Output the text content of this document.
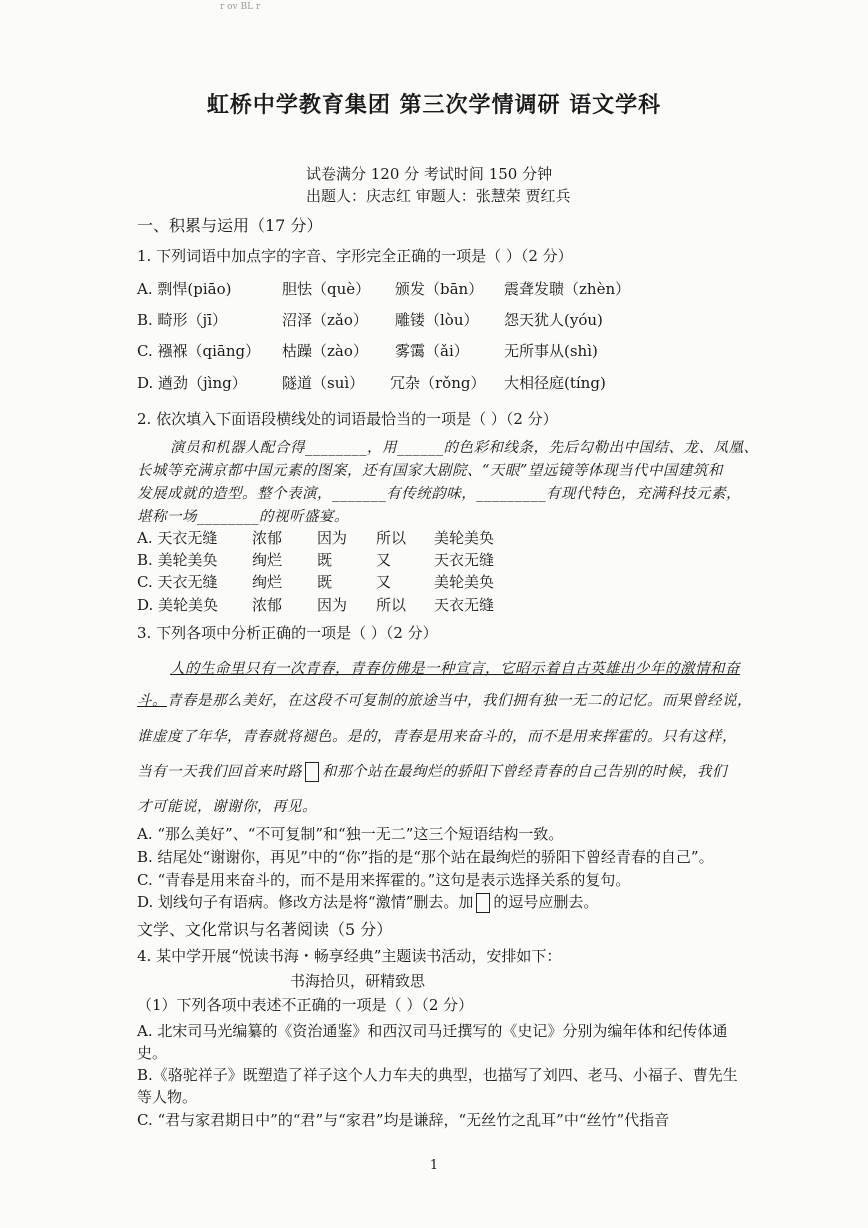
r ov BL r
虹桥中学教育集团 第三次学情调研 语文学科
试卷满分 120 分 考试时间 150 分钟
出题人：庆志红 审题人：张慧荣 贾红兵
一、积累与运用（17 分）
1. 下列词语中加点字的字音、字形完全正确的一项是（ ）（2 分）
A. 剽悍(piāo)	胆怯（què） 颁发（bān） 震聋发聩（zhèn）
B. 畸形（jī）	沼泽（zǎo） 雕镂（lòu） 怨天犹人(yóu)
C. 襁褓（qiāng） 枯躁（zào） 雾霭（ǎi） 无所事从(shì)
D. 遒劲（jìng） 隧道（suì） 冗杂（rǒng） 大相径庭(tíng)
2. 依次填入下面语段横线处的词语最恰当的一项是（ ）（2 分）
演员和机器人配合得________，用______的色彩和线条，先后勾勒出中国结、龙、凤凰、
长城等充满京都中国元素的图案，还有国家大剧院、“天眼”望远镜等体现当代中国建筑和
发展成就的造型。整个表演，_______有传统韵味，_________有现代特色，充满科技元素，
堪称一场________的视听盛宴。
A. 天衣无缝 浓郁 因为 所以 美轮美奂
B. 美轮美奂 绚烂 既	又	天衣无缝
C. 天衣无缝 绚烂 既	又	美轮美奂
D. 美轮美奂 浓郁 因为 所以 天衣无缝
3. 下列各项中分析正确的一项是（ ）（2 分）
人的生命里只有一次青春，青春仿佛是一种宣言，它昭示着自古英雄出少年的激情和奋
斗。青春是那么美好，在这段不可复制的旅途当中，我们拥有独一无二的记忆。而果曾经说，
谁虚度了年华，青春就将褪色。是的，青春是用来奋斗的，而不是用来挥霍的。只有这样，
当有一天我们回首来时路 和那个站在最绚烂的骄阳下曾经青春的自己告别的时候，我们
才可能说，谢谢你，再见。
A. “那么美好”、“不可复制”和“独一无二”这三个短语结构一致。
B. 结尾处“谢谢你，再见”中的“你”指的是“那个站在最绚烂的骄阳下曾经青春的自己”。
C. “青春是用来奋斗的，而不是用来挥霍的。”这句是表示选择关系的复句。
D. 划线句子有语病。修改方法是将“激情”删去。加 的逗号应删去。
文学、文化常识与名著阅读（5 分）
4. 某中学开展“悦读书海・畅享经典”主题读书活动，安排如下：
书海拾贝，研精致思
（1）下列各项中表述不正确的一项是（ ）（2 分）
A. 北宋司马光编纂的《资治通鉴》和西汉司马迁撰写的《史记》分别为编年体和纪传体通
史。
B.《骆驼祥子》既塑造了祥子这个人力车夫的典型，也描写了刘四、老马、小福子、曹先生
等人物。
C. “君与家君期日中”的“君”与“家君”均是谦辞，“无丝竹之乱耳”中“丝竹”代指音
1
